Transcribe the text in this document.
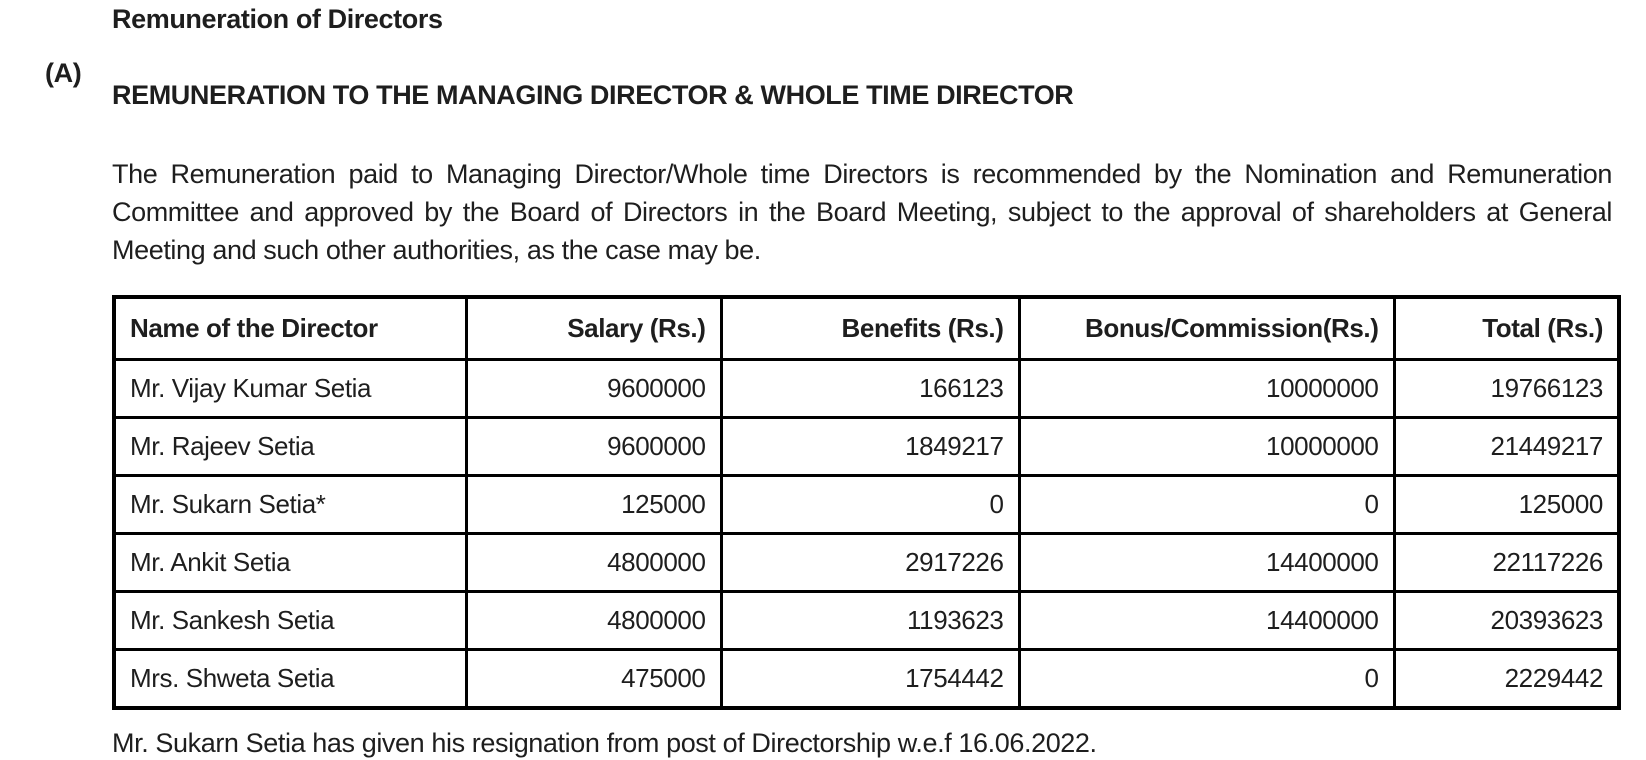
Remuneration of Directors
(A)
REMUNERATION TO THE MANAGING DIRECTOR & WHOLE TIME DIRECTOR

The Remuneration paid to Managing Director/Whole time Directors is recommended by the Nomination and Remuneration Committee and approved by the Board of Directors in the Board Meeting, subject to the approval of shareholders at General Meeting and such other authorities, as the case may be.

Name of the Director	Salary (Rs.)	Benefits (Rs.)	Bonus/Commission(Rs.)	Total (Rs.)
Mr. Vijay Kumar Setia	9600000	166123	10000000	19766123
Mr. Rajeev Setia	9600000	1849217	10000000	21449217
Mr. Sukarn Setia*	125000	0	0	125000
Mr. Ankit Setia	4800000	2917226	14400000	22117226
Mr. Sankesh Setia	4800000	1193623	14400000	20393623
Mrs. Shweta Setia	475000	1754442	0	2229442

Mr. Sukarn Setia has given his resignation from post of Directorship w.e.f 16.06.2022.
